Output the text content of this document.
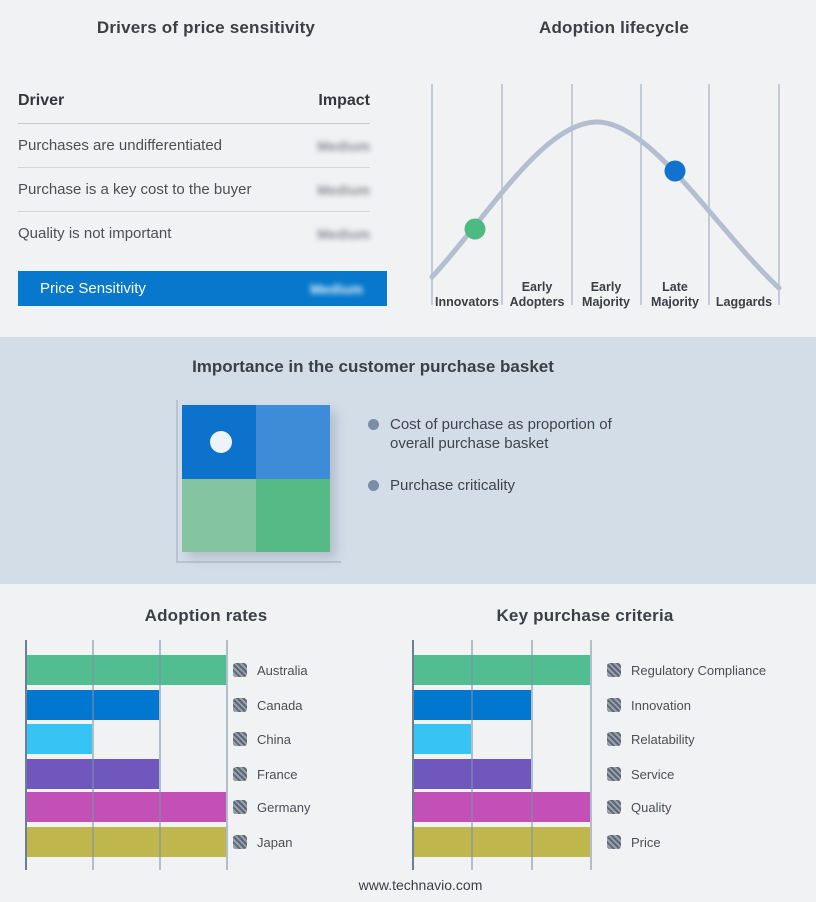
Drivers of price sensitivity
Driver	Impact
Purchases are undifferentiated	Medium
Purchase is a key cost to the buyer	Medium
Quality is not important	Medium
Price Sensitivity	Medium
Adoption lifecycle
Innovators
Early Adopters
Early Majority
Late Majority	Laggards
Importance in the customer purchase basket
Cost of purchase as proportion of overall purchase basket
Purchase criticality
Adoption rates	Key purchase criteria
Australia
Canada
China
France
Germany
Japan
Regulatory Compliance
Innovation
Relatability
Service
Quality
Price
www.technavio.com
